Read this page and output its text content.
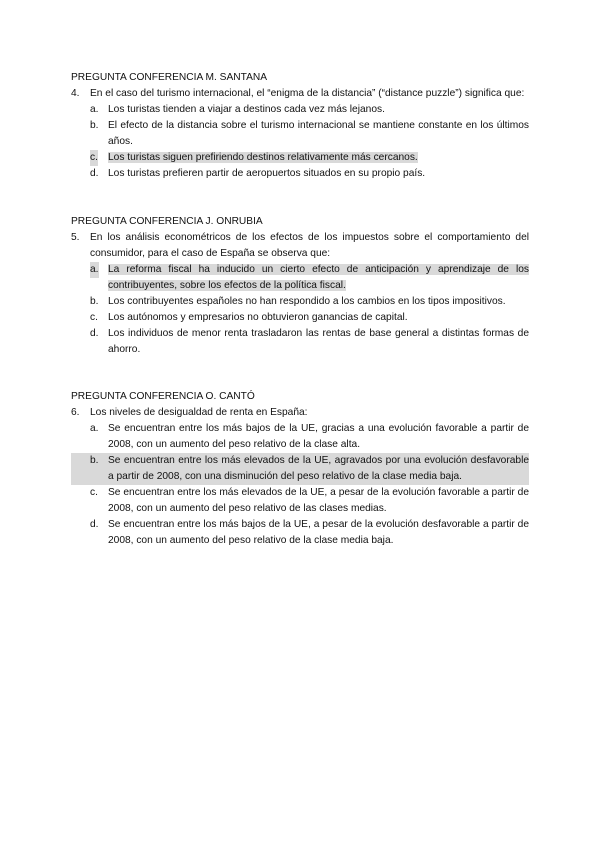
PREGUNTA CONFERENCIA M. SANTANA
4. En el caso del turismo internacional, el “enigma de la distancia” (“distance puzzle”) significa que:
a. Los turistas tienden a viajar a destinos cada vez más lejanos.
b. El efecto de la distancia sobre el turismo internacional se mantiene constante en los últimos años.
c. Los turistas siguen prefiriendo destinos relativamente más cercanos.
d. Los turistas prefieren partir de aeropuertos situados en su propio país.
PREGUNTA CONFERENCIA J. ONRUBIA
5. En los análisis econométricos de los efectos de los impuestos sobre el comportamiento del consumidor, para el caso de España se observa que:
a. La reforma fiscal ha inducido un cierto efecto de anticipación y aprendizaje de los contribuyentes, sobre los efectos de la política fiscal.
b. Los contribuyentes españoles no han respondido a los cambios en los tipos impositivos.
c. Los autónomos y empresarios no obtuvieron ganancias de capital.
d. Los individuos de menor renta trasladaron las rentas de base general a distintas formas de ahorro.
PREGUNTA CONFERENCIA O. CANTÓ
6. Los niveles de desigualdad de renta en España:
a. Se encuentran entre los más bajos de la UE, gracias a una evolución favorable a partir de 2008, con un aumento del peso relativo de la clase alta.
b. Se encuentran entre los más elevados de la UE, agravados por una evolución desfavorable a partir de 2008, con una disminución del peso relativo de la clase media baja.
c. Se encuentran entre los más elevados de la UE, a pesar de la evolución favorable a partir de 2008, con un aumento del peso relativo de las clases medias.
d. Se encuentran entre los más bajos de la UE, a pesar de la evolución desfavorable a partir de 2008, con un aumento del peso relativo de la clase media baja.
